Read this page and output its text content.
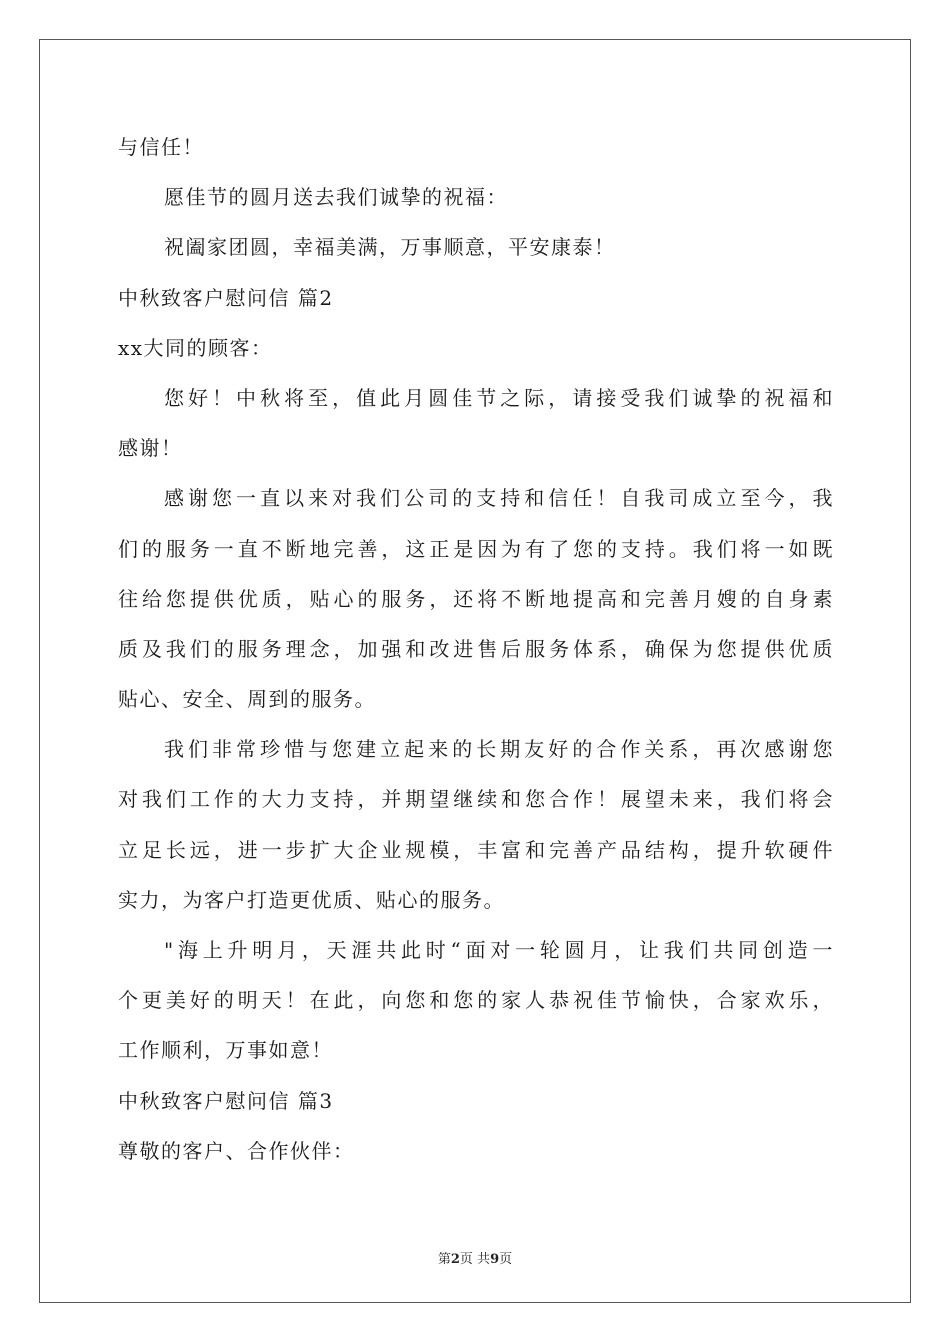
与信任！
愿佳节的圆月送去我们诚挚的祝福：
祝阖家团圆，幸福美满，万事顺意，平安康泰！
中秋致客户慰问信 篇2
xx大同的顾客：
您好！中秋将至，值此月圆佳节之际，请接受我们诚挚的祝福和
感谢！
感谢您一直以来对我们公司的支持和信任！自我司成立至今，我
们的服务一直不断地完善，这正是因为有了您的支持。我们将一如既
往给您提供优质，贴心的服务，还将不断地提高和完善月嫂的自身素
质及我们的服务理念，加强和改进售后服务体系，确保为您提供优质
贴心、安全、周到的服务。
我们非常珍惜与您建立起来的长期友好的合作关系，再次感谢您
对我们工作的大力支持，并期望继续和您合作！展望未来，我们将会
立足长远，进一步扩大企业规模，丰富和完善产品结构，提升软硬件
实力，为客户打造更优质、贴心的服务。
"海上升明月，天涯共此时“面对一轮圆月，让我们共同创造一
个更美好的明天！在此，向您和您的家人恭祝佳节愉快，合家欢乐，
工作顺利，万事如意！
中秋致客户慰问信 篇3
尊敬的客户、合作伙伴：
第2页 共9页
